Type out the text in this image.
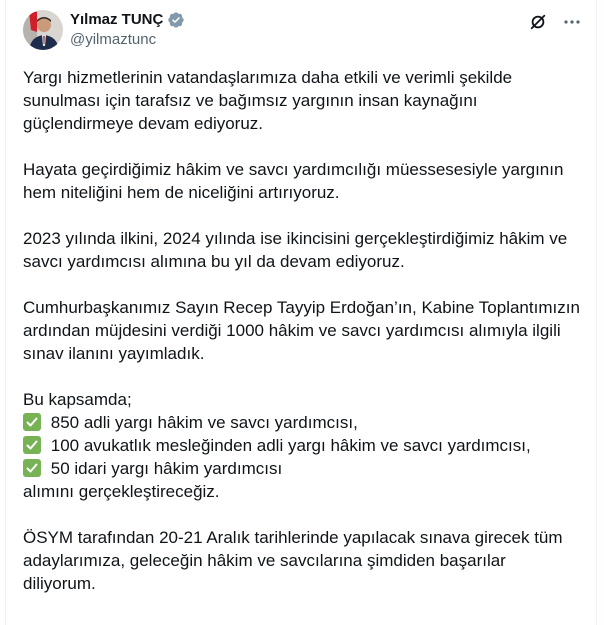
Yılmaz TUNÇ
@yilmaztunc

Yargı hizmetlerinin vatandaşlarımıza daha etkili ve verimli şekilde
sunulması için tarafsız ve bağımsız yargının insan kaynağını
güçlendirmeye devam ediyoruz.

Hayata geçirdiğimiz hâkim ve savcı yardımcılığı müessesesiyle yargının
hem niteliğini hem de niceliğini artırıyoruz.

2023 yılında ilkini, 2024 yılında ise ikincisini gerçekleştirdiğimiz hâkim ve
savcı yardımcısı alımına bu yıl da devam ediyoruz.

Cumhurbaşkanımız Sayın Recep Tayyip Erdoğan’ın, Kabine Toplantımızın
ardından müjdesini verdiği 1000 hâkim ve savcı yardımcısı alımıyla ilgili
sınav ilanını yayımladık.

Bu kapsamda;
850 adli yargı hâkim ve savcı yardımcısı,
100 avukatlık mesleğinden adli yargı hâkim ve savcı yardımcısı,
50 idari yargı hâkim yardımcısı
alımını gerçekleştireceğiz.

ÖSYM tarafından 20-21 Aralık tarihlerinde yapılacak sınava girecek tüm
adaylarımıza, geleceğin hâkim ve savcılarına şimdiden başarılar
diliyorum.
